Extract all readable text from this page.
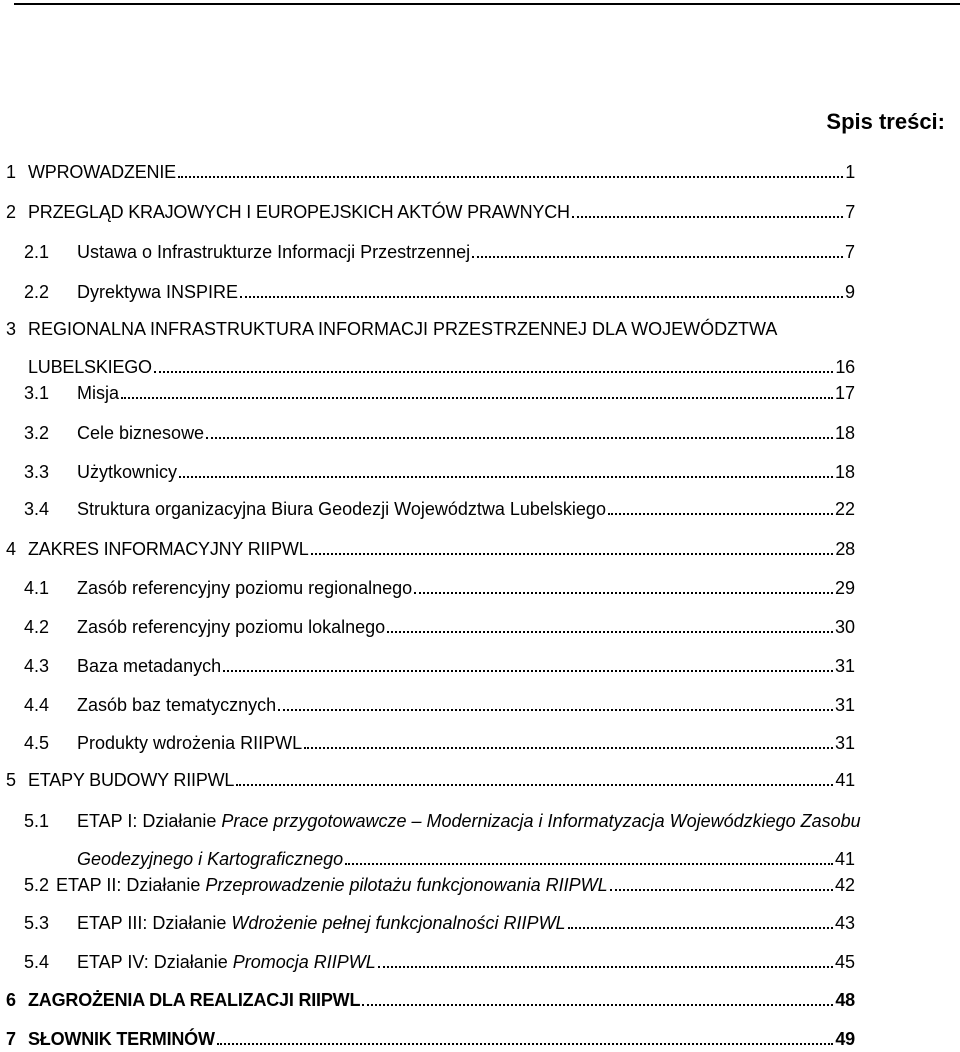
Spis treści:
1 WPROWADZENIE	1
2 PRZEGLĄD KRAJOWYCH I EUROPEJSKICH AKTÓW PRAWNYCH	7
2.1 Ustawa o Infrastrukturze Informacji Przestrzennej	7
2.2 Dyrektywa INSPIRE	9
3 REGIONALNA INFRASTRUKTURA INFORMACJI PRZESTRZENNEJ DLA WOJEWÓDZTWA
LUBELSKIEGO	16
3.1 Misja	17
3.2 Cele biznesowe	18
3.3 Użytkownicy	18
3.4 Struktura organizacyjna Biura Geodezji Województwa Lubelskiego	22
4 ZAKRES INFORMACYJNY RIIPWL	28
4.1 Zasób referencyjny poziomu regionalnego	29
4.2 Zasób referencyjny poziomu lokalnego	30
4.3 Baza metadanych	31
4.4 Zasób baz tematycznych	31
4.5 Produkty wdrożenia RIIPWL	31
5 ETAPY BUDOWY RIIPWL	41
5.1 ETAP I: Działanie Prace przygotowawcze – Modernizacja i Informatyzacja Wojewódzkiego Zasobu
Geodezyjnego i Kartograficznego	41
5.2 ETAP II: Działanie Przeprowadzenie pilotażu funkcjonowania RIIPWL	42
5.3 ETAP III: Działanie Wdrożenie pełnej funkcjonalności RIIPWL	43
5.4 ETAP IV: Działanie Promocja RIIPWL	45
6 ZAGROŻENIA DLA REALIZACJI RIIPWL	48
7 SŁOWNIK TERMINÓW	49
